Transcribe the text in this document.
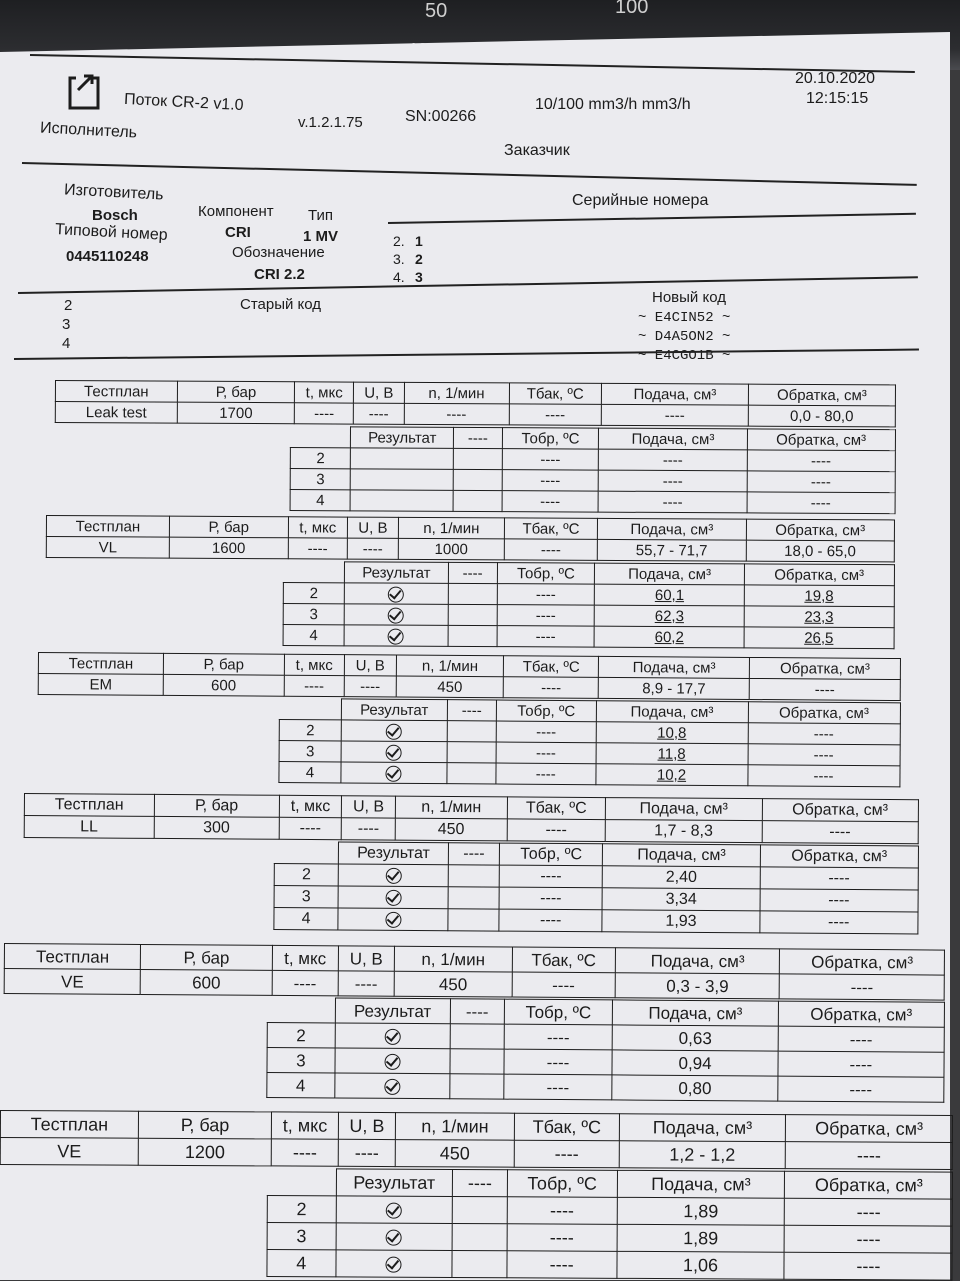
50	100
Поток CR-2 v1.0
v.1.2.1.75	SN:00266
10/100 mm3/h mm3/h
20.10.2020
12:15:15
Исполнитель
Заказчик
Изготовитель
Bosch
Типовой номер
0445110248
Компонент
CRI
Тип
1 MV
Обозначение
CRI 2.2
Серийные номера
2. 1
3. 2
4. 3
2
3
4
Старый код	Новый код
~ E4CIN52 ~
~ D4A5ON2 ~
~ E4CGO1B ~
Тестплан	Р, бар	t, мкс	U, В	n, 1/мин	Тбак, ºС	Подача, см³	Обратка, см³
Leak test	1700	----	----	----	----	----	0,0 - 80,0
	Результат	----	Тобр, ºС	Подача, см³	Обратка, см³
2			----	----	----
3			----	----	----
4			----	----	----
Тестплан	Р, бар	t, мкс	U, В	n, 1/мин	Тбак, ºС	Подача, см³	Обратка, см³
VL	1600	----	----	1000	----	55,7 - 71,7	18,0 - 65,0
	Результат	----	Тобр, ºС	Подача, см³	Обратка, см³
2			----	60,1	19,8
3			----	62,3	23,3
4			----	60,2	26,5
Тестплан	Р, бар	t, мкс	U, В	n, 1/мин	Тбак, ºС	Подача, см³	Обратка, см³
EM	600	----	----	450	----	8,9 - 17,7	----
	Результат	----	Тобр, ºС	Подача, см³	Обратка, см³
2			----	10,8	----
3			----	11,8	----
4			----	10,2	----
Тестплан	Р, бар	t, мкс	U, В	n, 1/мин	Тбак, ºС	Подача, см³	Обратка, см³
LL	300	----	----	450	----	1,7 - 8,3	----
	Результат	----	Тобр, ºС	Подача, см³	Обратка, см³
2			----	2,40	----
3			----	3,34	----
4			----	1,93	----
Тестплан	Р, бар	t, мкс	U, В	n, 1/мин	Тбак, ºС	Подача, см³	Обратка, см³
VE	600	----	----	450	----	0,3 - 3,9	----
	Результат	----	Тобр, ºС	Подача, см³	Обратка, см³
2			----	0,63	----
3			----	0,94	----
4			----	0,80	----
Тестплан	Р, бар	t, мкс	U, В	n, 1/мин	Тбак, ºС	Подача, см³	Обратка, см³
VE	1200	----	----	450	----	1,2 - 1,2	----
	Результат	----	Тобр, ºС	Подача, см³	Обратка, см³
2			----	1,89	----
3			----	1,89	----
4			----	1,06	----
